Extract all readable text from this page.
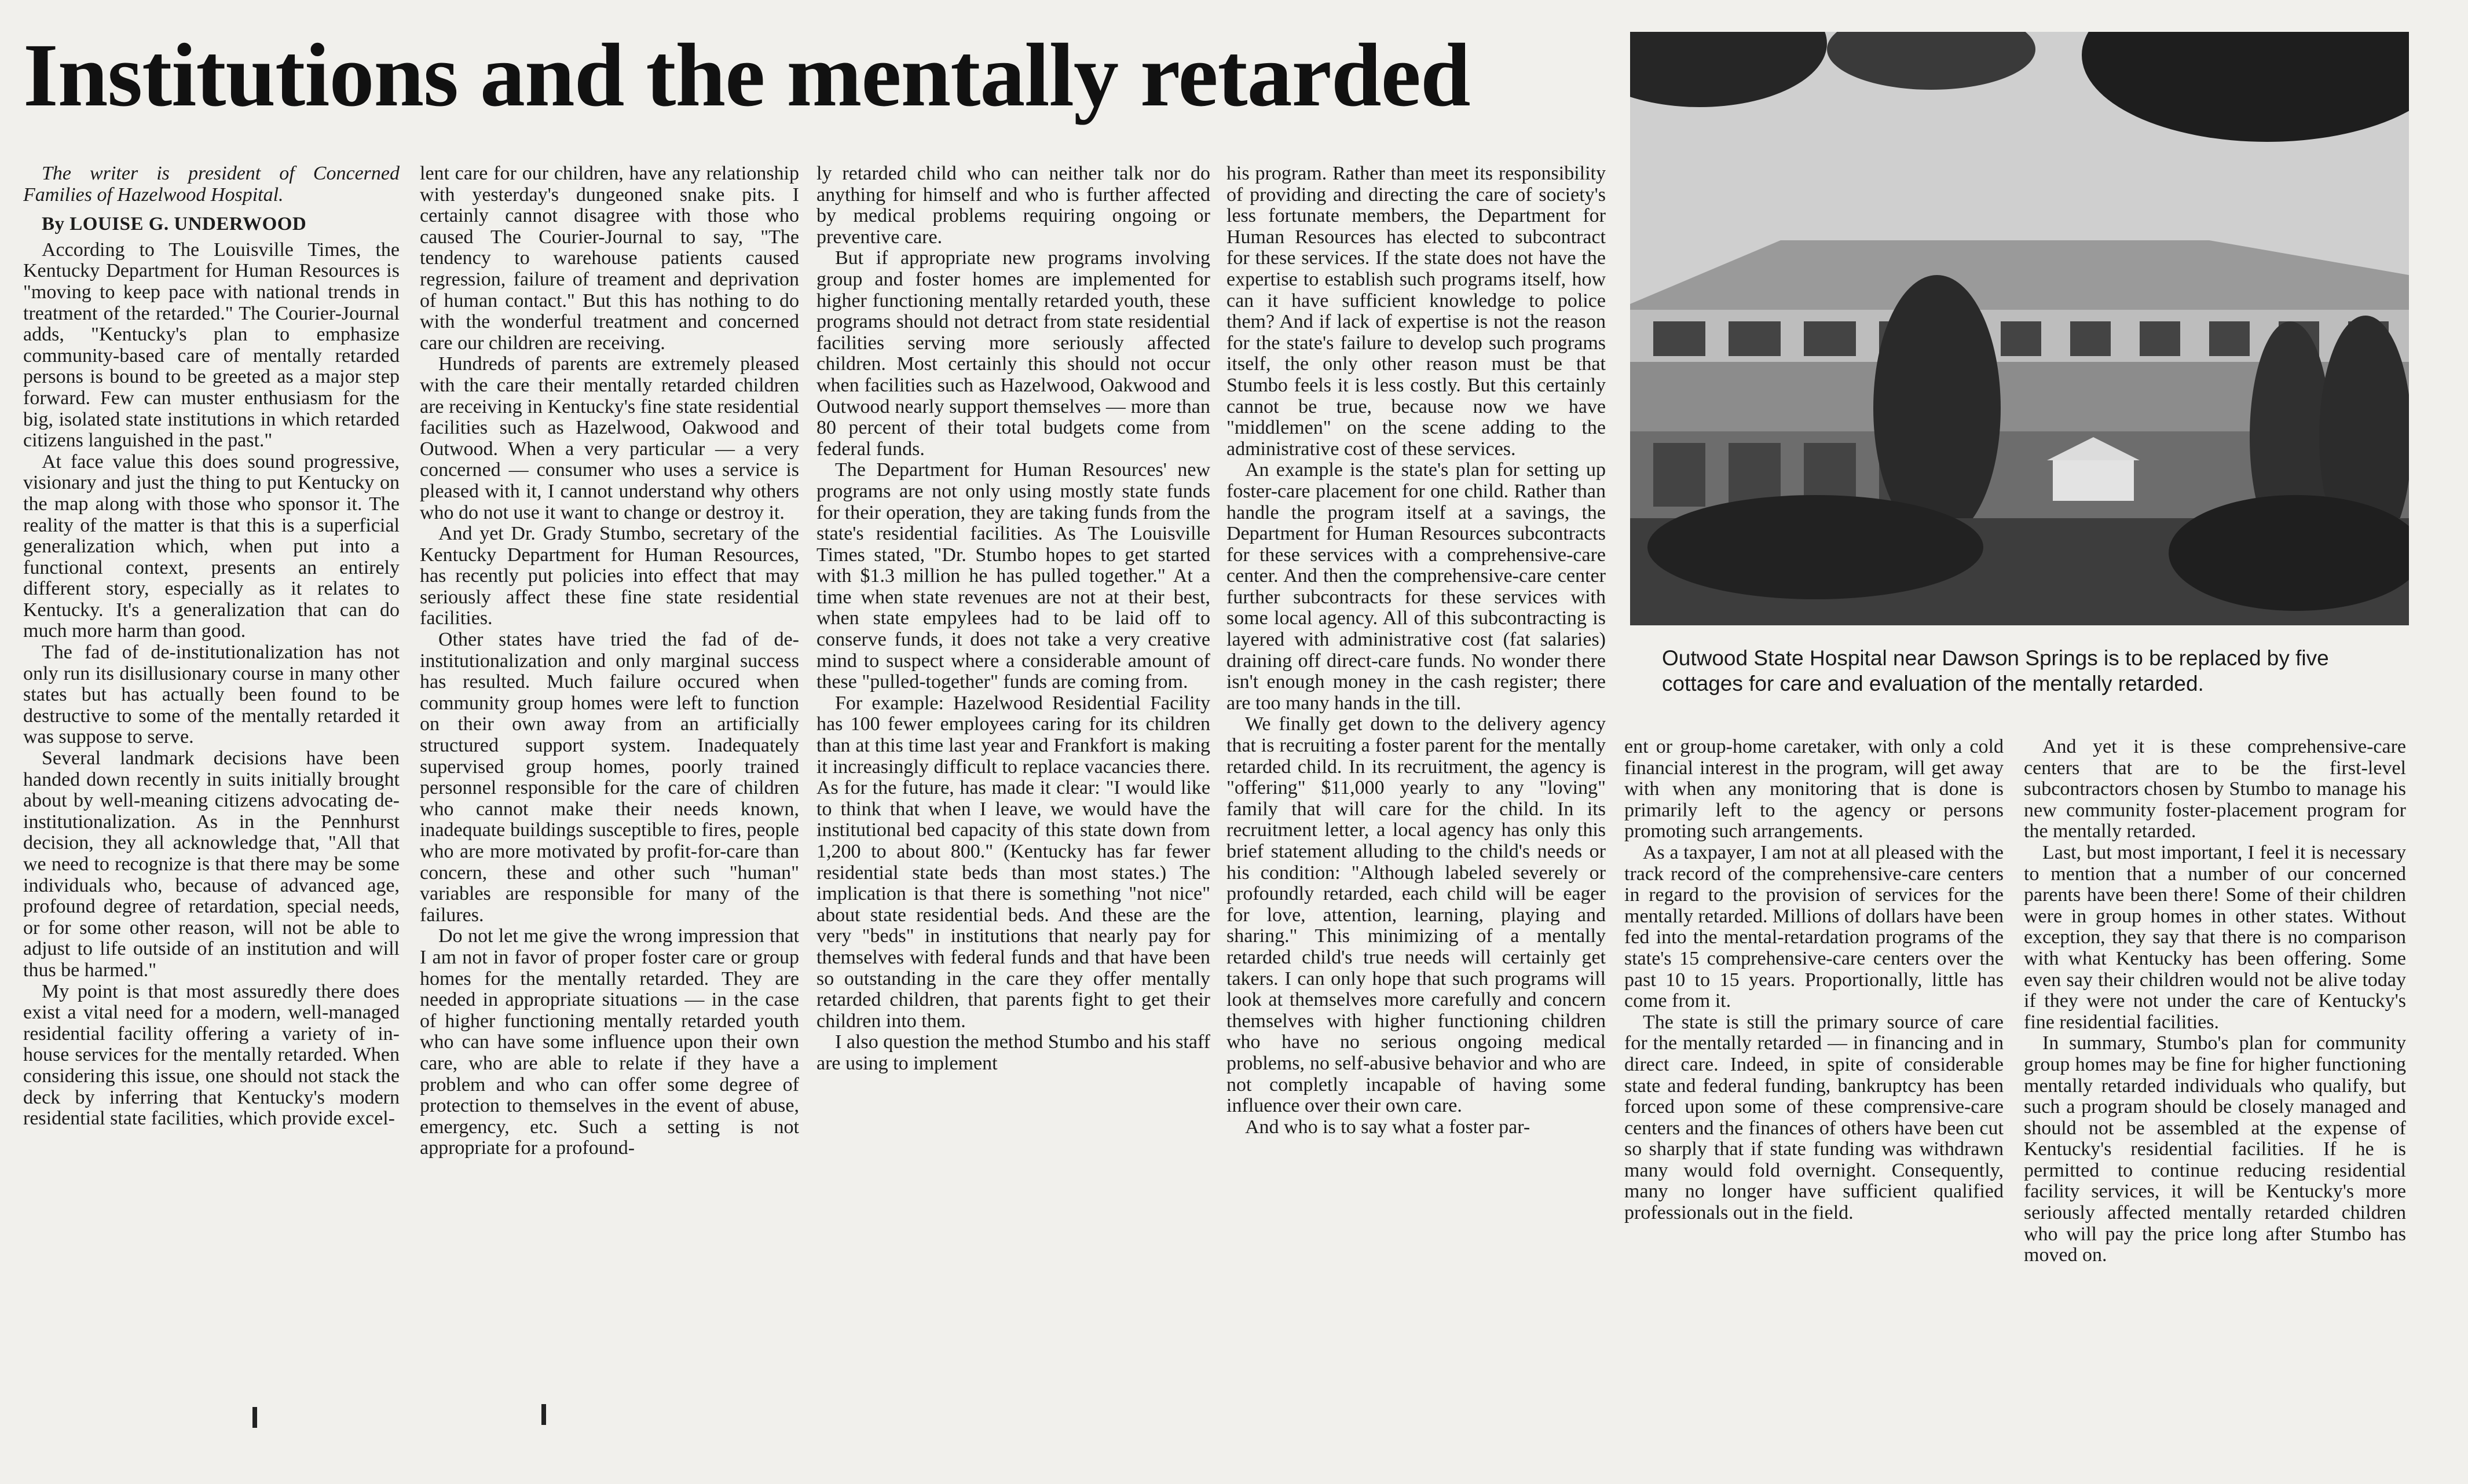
Institutions and the mentally retarded

The writer is president of Concerned Families of Hazelwood Hospital.

By LOUISE G. UNDERWOOD

According to The Louisville Times, the Kentucky Department for Human Resources is "moving to keep pace with national trends in treatment of the retarded." The Courier-Journal adds, "Kentucky's plan to emphasize community-based care of mentally retarded persons is bound to be greeted as a major step forward. Few can muster enthusiasm for the big, isolated state institutions in which retarded citizens languished in the past."

At face value this does sound progressive, visionary and just the thing to put Kentucky on the map along with those who sponsor it. The reality of the matter is that this is a superficial generalization which, when put into a functional context, presents an entirely different story, especially as it relates to Kentucky. It's a generalization that can do much more harm than good.

The fad of de-institutionalization has not only run its disillusionary course in many other states but has actually been found to be destructive to some of the mentally retarded it was suppose to serve.

Several landmark decisions have been handed down recently in suits initially brought about by well-meaning citizens advocating de-institutionalization. As in the Pennhurst decision, they all acknowledge that, "All that we need to recognize is that there may be some individuals who, because of advanced age, profound degree of retardation, special needs, or for some other reason, will not be able to adjust to life outside of an institution and will thus be harmed."

My point is that most assuredly there does exist a vital need for a modern, well-managed residential facility offering a variety of in-house services for the mentally retarded. When considering this issue, one should not stack the deck by inferring that Kentucky's modern residential state facilities, which provide excel-

lent care for our children, have any relationship with yesterday's dungeoned snake pits. I certainly cannot disagree with those who caused The Courier-Journal to say, "The tendency to warehouse patients caused regression, failure of treament and deprivation of human contact." But this has nothing to do with the wonderful treatment and concerned care our children are receiving.

Hundreds of parents are extremely pleased with the care their mentally retarded children are receiving in Kentucky's fine state residential facilities such as Hazelwood, Oakwood and Outwood. When a very particular — a very concerned — consumer who uses a service is pleased with it, I cannot understand why others who do not use it want to change or destroy it.

And yet Dr. Grady Stumbo, secretary of the Kentucky Department for Human Resources, has recently put policies into effect that may seriously affect these fine state residential facilities.

Other states have tried the fad of de-institutionalization and only marginal success has resulted. Much failure occured when community group homes were left to function on their own away from an artificially structured support system. Inadequately supervised group homes, poorly trained personnel responsible for the care of children who cannot make their needs known, inadequate buildings susceptible to fires, people who are more motivated by profit-for-care than concern, these and other such "human" variables are responsible for many of the failures.

Do not let me give the wrong impression that I am not in favor of proper foster care or group homes for the mentally retarded. They are needed in appropriate situations — in the case of higher functioning mentally retarded youth who can have some influence upon their own care, who are able to relate if they have a problem and who can offer some degree of protection to themselves in the event of abuse, emergency, etc. Such a setting is not appropriate for a profound-

ly retarded child who can neither talk nor do anything for himself and who is further affected by medical problems requiring ongoing or preventive care.

But if appropriate new programs involving group and foster homes are implemented for higher functioning mentally retarded youth, these programs should not detract from state residential facilities serving more seriously affected children. Most certainly this should not occur when facilities such as Hazelwood, Oakwood and Outwood nearly support themselves — more than 80 percent of their total budgets come from federal funds.

The Department for Human Resources' new programs are not only using mostly state funds for their operation, they are taking funds from the state's residential facilities. As The Louisville Times stated, "Dr. Stumbo hopes to get started with $1.3 million he has pulled together." At a time when state revenues are not at their best, when state empylees had to be laid off to conserve funds, it does not take a very creative mind to suspect where a considerable amount of these "pulled-together" funds are coming from.

For example: Hazelwood Residential Facility has 100 fewer employees caring for its children than at this time last year and Frankfort is making it increasingly difficult to replace vacancies there. As for the future, has made it clear: "I would like to think that when I leave, we would have the institutional bed capacity of this state down from 1,200 to about 800." (Kentucky has far fewer residential state beds than most states.) The implication is that there is something "not nice" about state residential beds. And these are the very "beds" in institutions that nearly pay for themselves with federal funds and that have been so outstanding in the care they offer mentally retarded children, that parents fight to get their children into them.

I also question the method Stumbo and his staff are using to implement

his program. Rather than meet its responsibility of providing and directing the care of society's less fortunate members, the Department for Human Resources has elected to subcontract for these services. If the state does not have the expertise to establish such programs itself, how can it have sufficient knowledge to police them? And if lack of expertise is not the reason for the state's failure to develop such programs itself, the only other reason must be that Stumbo feels it is less costly. But this certainly cannot be true, because now we have "middlemen" on the scene adding to the administrative cost of these services.

An example is the state's plan for setting up foster-care placement for one child. Rather than handle the program itself at a savings, the Department for Human Resources subcontracts for these services with a comprehensive-care center. And then the comprehensive-care center further subcontracts for these services with some local agency. All of this subcontracting is layered with administrative cost (fat salaries) draining off direct-care funds. No wonder there isn't enough money in the cash register; there are too many hands in the till.

We finally get down to the delivery agency that is recruiting a foster parent for the mentally retarded child. In its recruitment, the agency is "offering" $11,000 yearly to any "loving" family that will care for the child. In its recruitment letter, a local agency has only this brief statement alluding to the child's needs or his condition: "Although labeled severely or profoundly retarded, each child will be eager for love, attention, learning, playing and sharing." This minimizing of a mentally retarded child's true needs will certainly get takers. I can only hope that such programs will look at themselves more carefully and concern themselves with higher functioning children who have no serious ongoing medical problems, no self-abusive behavior and who are not completly incapable of having some influence over their own care.

And who is to say what a foster par-

Outwood State Hospital near Dawson Springs is to be replaced by five cottages for care and evaluation of the mentally retarded.

ent or group-home caretaker, with only a cold financial interest in the program, will get away with when any monitoring that is done is primarily left to the agency or persons promoting such arrangements.

As a taxpayer, I am not at all pleased with the track record of the comprehensive-care centers in regard to the provision of services for the mentally retarded. Millions of dollars have been fed into the mental-retardation programs of the state's 15 comprehensive-care centers over the past 10 to 15 years. Proportionally, little has come from it.

The state is still the primary source of care for the mentally retarded — in financing and in direct care. Indeed, in spite of considerable state and federal funding, bankruptcy has been forced upon some of these comprensive-care centers and the finances of others have been cut so sharply that if state funding was withdrawn many would fold overnight. Consequently, many no longer have sufficient qualified professionals out in the field.

And yet it is these comprehensive-care centers that are to be the first-level subcontractors chosen by Stumbo to manage his new community foster-placement program for the mentally retarded.

Last, but most important, I feel it is necessary to mention that a number of our concerned parents have been there! Some of their children were in group homes in other states. Without exception, they say that there is no comparison with what Kentucky has been offering. Some even say their children would not be alive today if they were not under the care of Kentucky's fine residential facilities.

In summary, Stumbo's plan for community group homes may be fine for higher functioning mentally retarded individuals who qualify, but such a program should be closely managed and should not be assembled at the expense of Kentucky's residential facilities. If he is permitted to continue reducing residential facility services, it will be Kentucky's more seriously affected mentally retarded children who will pay the price long after Stumbo has moved on.
